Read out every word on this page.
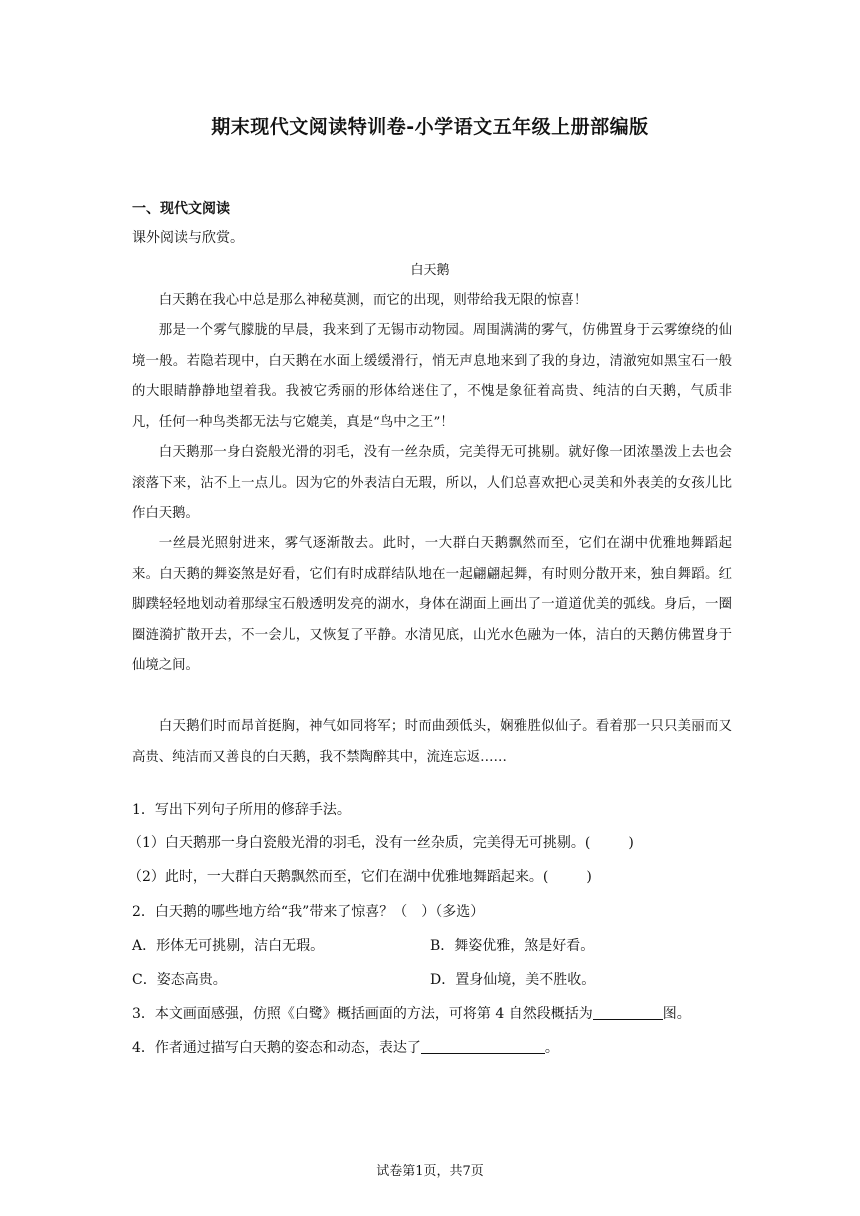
期末现代文阅读特训卷-小学语文五年级上册部编版
一、现代文阅读
课外阅读与欣赏。
白天鹅

白天鹅在我心中总是那么神秘莫测，而它的出现，则带给我无限的惊喜！

那是一个雾气朦胧的早晨，我来到了无锡市动物园。周围满满的雾气，仿佛置身于云雾缭绕的仙境一般。若隐若现中，白天鹅在水面上缓缓滑行，悄无声息地来到了我的身边，清澈宛如黑宝石一般的大眼睛静静地望着我。我被它秀丽的形体给迷住了，不愧是象征着高贵、纯洁的白天鹅，气质非凡，任何一种鸟类都无法与它媲美，真是“鸟中之王”！

白天鹅那一身白瓷般光滑的羽毛，没有一丝杂质，完美得无可挑剔。就好像一团浓墨泼上去也会滚落下来，沾不上一点儿。因为它的外表洁白无瑕，所以，人们总喜欢把心灵美和外表美的女孩儿比作白天鹅。

一丝晨光照射进来，雾气逐渐散去。此时，一大群白天鹅飘然而至，它们在湖中优雅地舞蹈起来。白天鹅的舞姿煞是好看，它们有时成群结队地在一起翩翩起舞，有时则分散开来，独自舞蹈。红脚蹼轻轻地划动着那绿宝石般透明发亮的湖水，身体在湖面上画出了一道道优美的弧线。身后，一圈圈涟漪扩散开去，不一会儿，又恢复了平静。水清见底，山光水色融为一体，洁白的天鹅仿佛置身于仙境之间。

白天鹅们时而昂首挺胸，神气如同将军；时而曲颈低头，娴雅胜似仙子。看着那一只只美丽而又高贵、纯洁而又善良的白天鹅，我不禁陶醉其中，流连忘返……

1．写出下列句子所用的修辞手法。
（1）白天鹅那一身白瓷般光滑的羽毛，没有一丝杂质，完美得无可挑剔。(	)
（2）此时，一大群白天鹅飘然而至，它们在湖中优雅地舞蹈起来。(	)
2．白天鹅的哪些地方给“我”带来了惊喜？（　）（多选）
A．形体无可挑剔，洁白无瑕。	B．舞姿优雅，煞是好看。
C．姿态高贵。	D．置身仙境，美不胜收。
3．本文画面感强，仿照《白鹭》概括画面的方法，可将第 4 自然段概括为	图。
4．作者通过描写白天鹅的姿态和动态，表达了	。
试卷第1页，共7页
